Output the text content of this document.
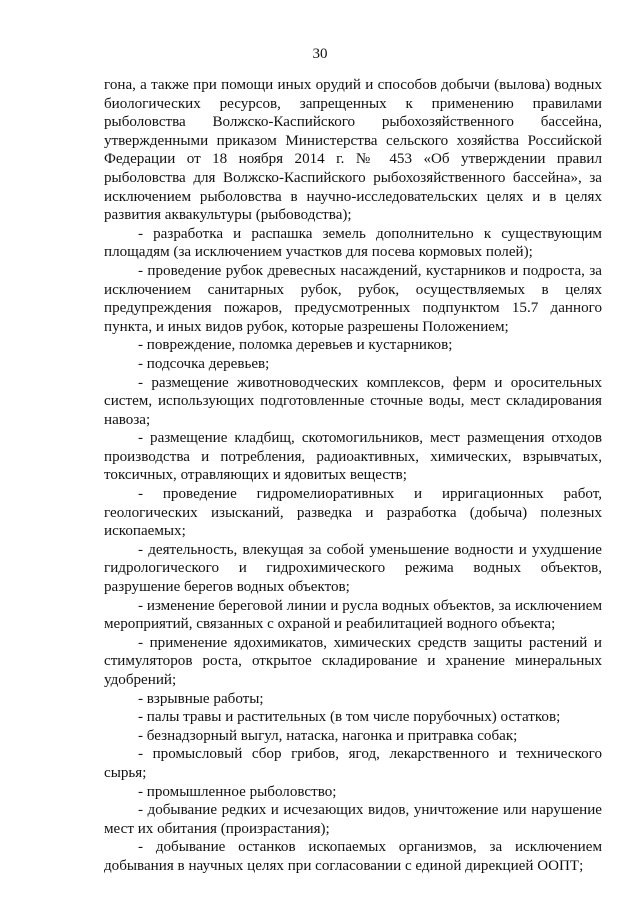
30

гона, а также при помощи иных орудий и способов добычи (вылова) водных биологических ресурсов, запрещенных к применению правилами рыболовства Волжско-Каспийского рыбохозяйственного бассейна, утвержденными приказом Министерства сельского хозяйства Российской Федерации от 18 ноября 2014 г. № 453 «Об утверждении правил рыболовства для Волжско-Каспийского рыбохозяйственного бассейна», за исключением рыболовства в научно-исследовательских целях и в целях развития аквакультуры (рыбоводства);

- разработка и распашка земель дополнительно к существующим площадям (за исключением участков для посева кормовых полей);

- проведение рубок древесных насаждений, кустарников и подроста, за исключением санитарных рубок, рубок, осуществляемых в целях предупреждения пожаров, предусмотренных подпунктом 15.7 данного пункта, и иных видов рубок, которые разрешены Положением;

- повреждение, поломка деревьев и кустарников;

- подсочка деревьев;

- размещение животноводческих комплексов, ферм и оросительных систем, использующих подготовленные сточные воды, мест складирования навоза;

- размещение кладбищ, скотомогильников, мест размещения отходов производства и потребления, радиоактивных, химических, взрывчатых, токсичных, отравляющих и ядовитых веществ;

- проведение гидромелиоративных и ирригационных работ, геологических изысканий, разведка и разработка (добыча) полезных ископаемых;

- деятельность, влекущая за собой уменьшение водности и ухудшение гидрологического и гидрохимического режима водных объектов, разрушение берегов водных объектов;

- изменение береговой линии и русла водных объектов, за исключением мероприятий, связанных с охраной и реабилитацией водного объекта;

- применение ядохимикатов, химических средств защиты растений и стимуляторов роста, открытое складирование и хранение минеральных удобрений;

- взрывные работы;

- палы травы и растительных (в том числе порубочных) остатков;

- безнадзорный выгул, натаска, нагонка и притравка собак;

- промысловый сбор грибов, ягод, лекарственного и технического сырья;

- промышленное рыболовство;

- добывание редких и исчезающих видов, уничтожение или нарушение мест их обитания (произрастания);

- добывание останков ископаемых организмов, за исключением добывания в научных целях при согласовании с единой дирекцией ООПТ;
